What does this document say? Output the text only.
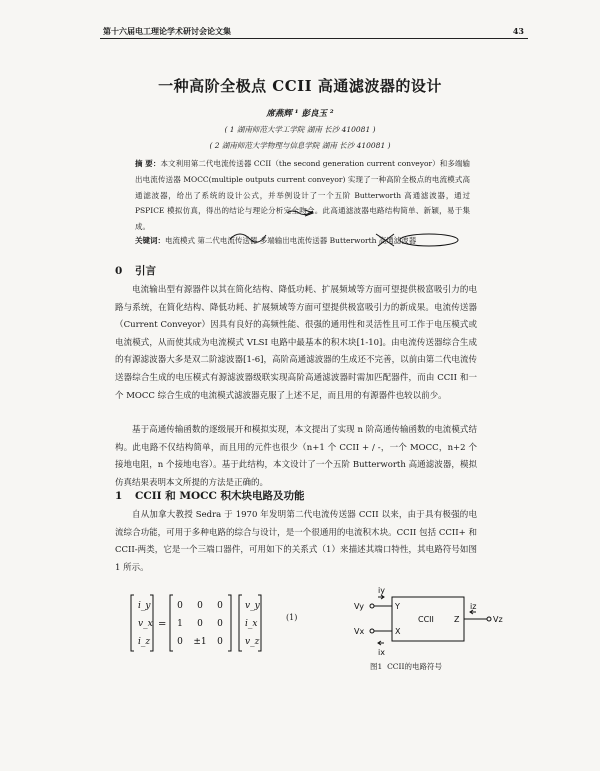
第十六届电工理论学术研讨会论文集	43
一种高阶全极点 CCII 高通滤波器的设计
席燕辉 ¹ 彭良玉 ²
( 1 湖南师范大学工学院 湖南 长沙 410081 )
( 2 湖南师范大学物理与信息学院 湖南 长沙 410081 )
摘 要：本文利用第二代电流传送器 CCII（the second generation current conveyor）和多端输出电流传送器 MOCC(multiple outputs current conveyor) 实现了一种高阶全极点的电流模式高通滤波器，给出了系统的设计公式，并举例设计了一个五阶 Butterworth 高通滤波器，通过 PSPICE 模拟仿真，得出的结论与理论分析完全吻合。此高通滤波器电路结构简单、新颖，易于集成。
关键词：电流模式 第二代电流传送器 多端输出电流传送器 Butterworth 高通滤波器
0 引言
电流输出型有源器件以其在简化结构、降低功耗、扩展频域等方面可望提供极富吸引力的电路与系统，在简化结构、降低功耗、扩展频域等方面可望提供极富吸引力的新成果。电流传送器（Current Conveyor）因具有良好的高频性能、很强的通用性和灵活性且可工作于电压模式或电流模式，从而使其成为电流模式 VLSI 电路中最基本的积木块[1-10]。由电流传送器综合生成的有源滤波器大多是双二阶滤波器[1-6]，高阶高通滤波器的生成还不完善，以前由第二代电流传送器综合生成的电压模式有源滤波器级联实现高阶高通滤波器时需加匹配器件，而由 CCII 和一个 MOCC 综合生成的电流模式滤波器克服了上述不足，而且用的有源器件也较以前少。
基于高通传输函数的逐级展开和模拟实现，本文提出了实现 n 阶高通传输函数的电流模式结构。此电路不仅结构简单，而且用的元件也很少（n+1 个 CCII + / -，一个 MOCC，n+2 个接地电阻，n 个接地电容）。基于此结构，本文设计了一个五阶 Butterworth 高通滤波器，模拟仿真结果表明本文所提的方法是正确的。
1 CCII 和 MOCC 积木块电路及功能
自从加拿大教授 Sedra 于 1970 年发明第二代电流传送器 CCII 以来，由于具有极强的电流综合功能，可用于多种电路的综合与设计，是一个很通用的电流积木块。CCII 包括 CCII+ 和 CCII-两类，它是一个三端口器件，可用如下的关系式（1）来描述其端口特性，其电路符号如图 1 所示。
i_y
v_x
i_z
v_y
i_x
v_z
0 0 0
1 0 0
0 ±1 0
=
(1)
Vy
Vx
Vz
iy
ix
iz
Y
X
Z
CCII
图1 CCII的电路符号
